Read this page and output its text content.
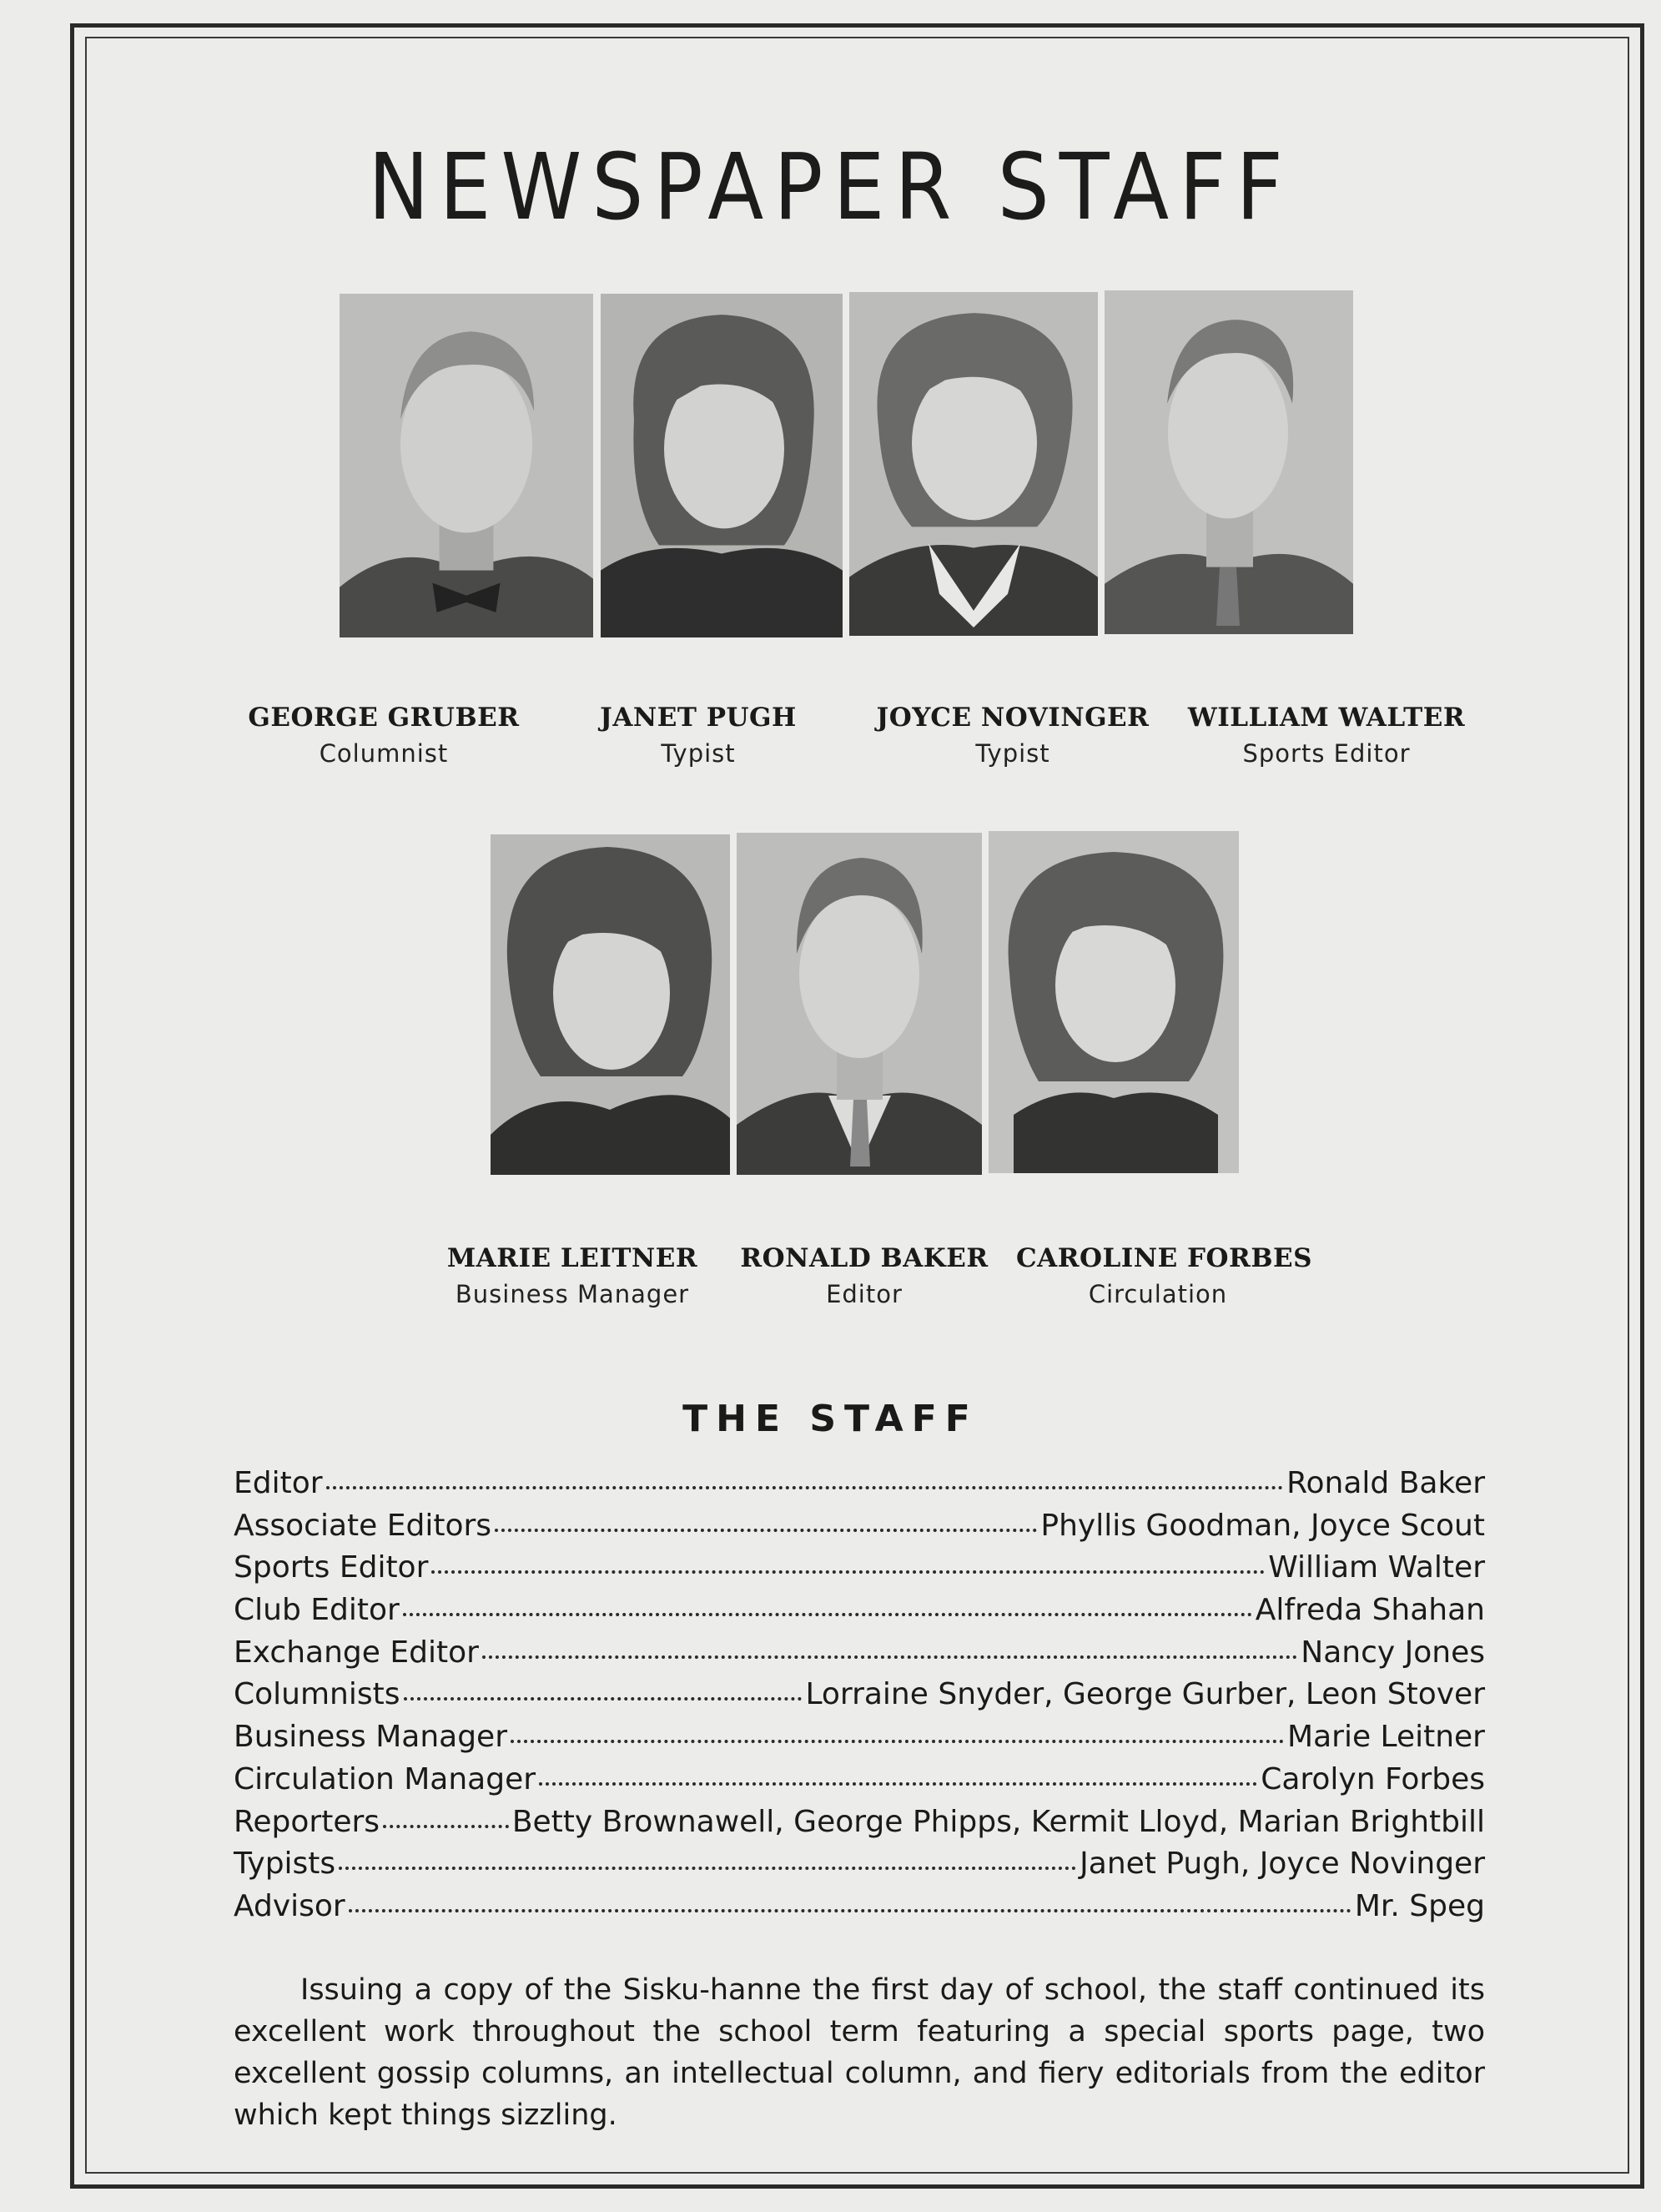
NEWSPAPER STAFF
GEORGE GRUBER
Columnist
JANET PUGH
Typist
JOYCE NOVINGER
Typist
WILLIAM WALTER
Sports Editor
MARIE LEITNER
Business Manager
RONALD BAKER
Editor
CAROLINE FORBES
Circulation
THE STAFF
Editor	Ronald Baker
Associate Editors	Phyllis Goodman, Joyce Scout
Sports Editor	William Walter
Club Editor	Alfreda Shahan
Exchange Editor	Nancy Jones
Columnists	Lorraine Snyder, George Gurber, Leon Stover
Business Manager	Marie Leitner
Circulation Manager	Carolyn Forbes
Reporters	Betty Brownawell, George Phipps, Kermit Lloyd, Marian Brightbill
Typists	Janet Pugh, Joyce Novinger
Advisor	Mr. Speg
Issuing a copy of the Sisku-hanne the first day of school, the staff continued its excellent work throughout the school term featuring a special sports page, two excellent gossip columns, an intellectual column, and fiery editorials from the editor which kept things sizzling.
